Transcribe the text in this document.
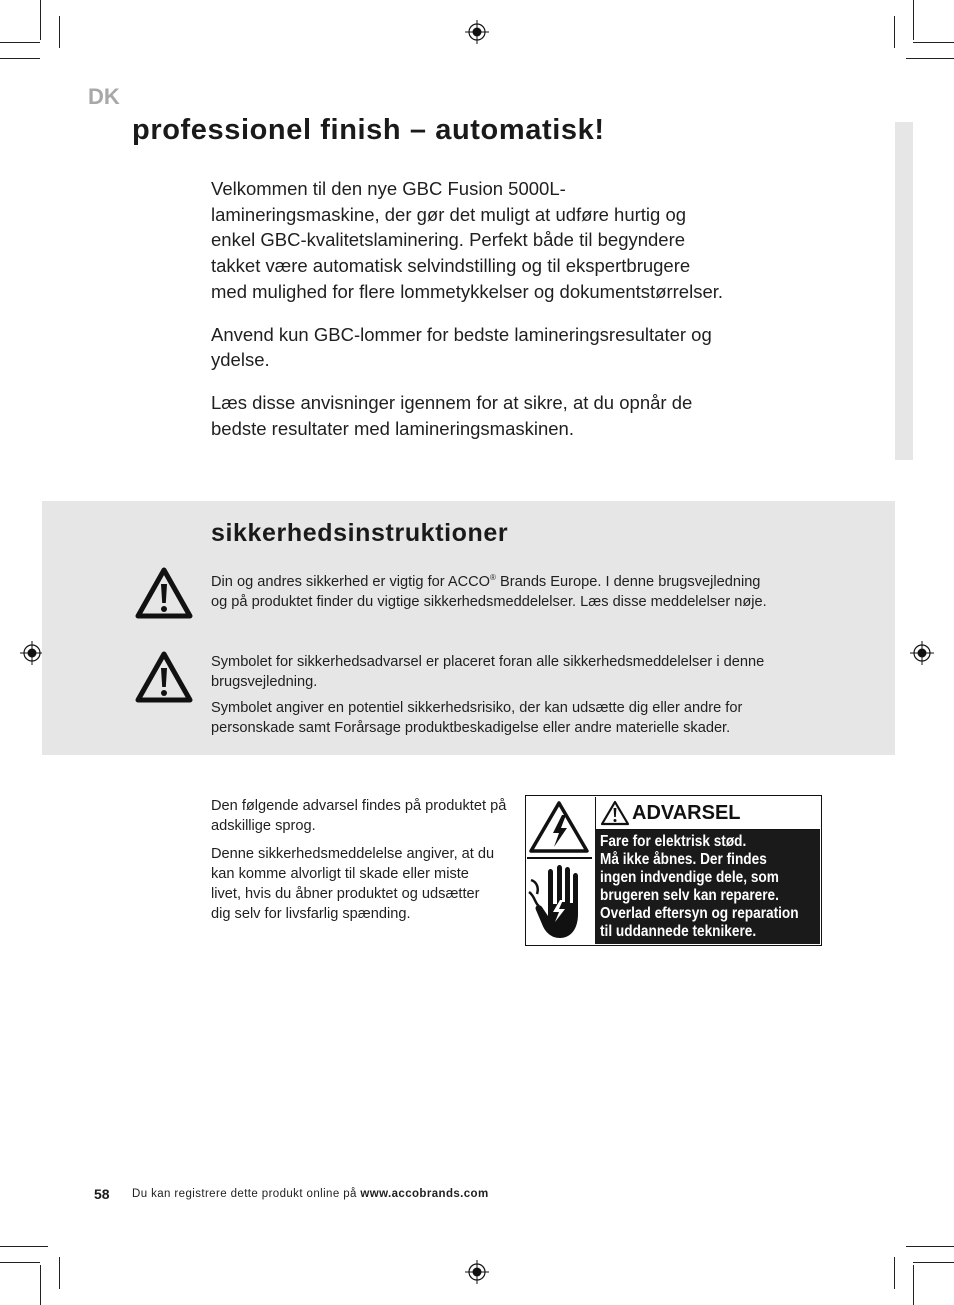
DK
professionel finish – automatisk!

Velkommen til den nye GBC Fusion 5000L-lamineringsmaskine, der gør det muligt at udføre hurtig og enkel GBC-kvalitetslaminering. Perfekt både til begyndere takket være automatisk selvindstilling og til ekspertbrugere med mulighed for flere lommetykkelser og dokumentstørrelser.

Anvend kun GBC-lommer for bedste lamineringsresultater og ydelse.

Læs disse anvisninger igennem for at sikre, at du opnår de bedste resultater med lamineringsmaskinen.

sikkerhedsinstruktioner

Din og andres sikkerhed er vigtig for ACCO® Brands Europe. I denne brugsvejledning og på produktet finder du vigtige sikkerhedsmeddelelser. Læs disse meddelelser nøje.

Symbolet for sikkerhedsadvarsel er placeret foran alle sikkerhedsmeddelelser i denne brugsvejledning.

Symbolet angiver en potentiel sikkerhedsrisiko, der kan udsætte dig eller andre for personskade samt Forårsage produktbeskadigelse eller andre materielle skader.

Den følgende advarsel findes på produktet på adskillige sprog.

Denne sikkerhedsmeddelelse angiver, at du kan komme alvorligt til skade eller miste livet, hvis du åbner produktet og udsætter dig selv for livsfarlig spænding.

ADVARSEL
Fare for elektrisk stød.
Må ikke åbnes. Der findes
ingen indvendige dele, som
brugeren selv kan reparere.
Overlad eftersyn og reparation
til uddannede teknikere.
58 Du kan registrere dette produkt online på www.accobrands.com
